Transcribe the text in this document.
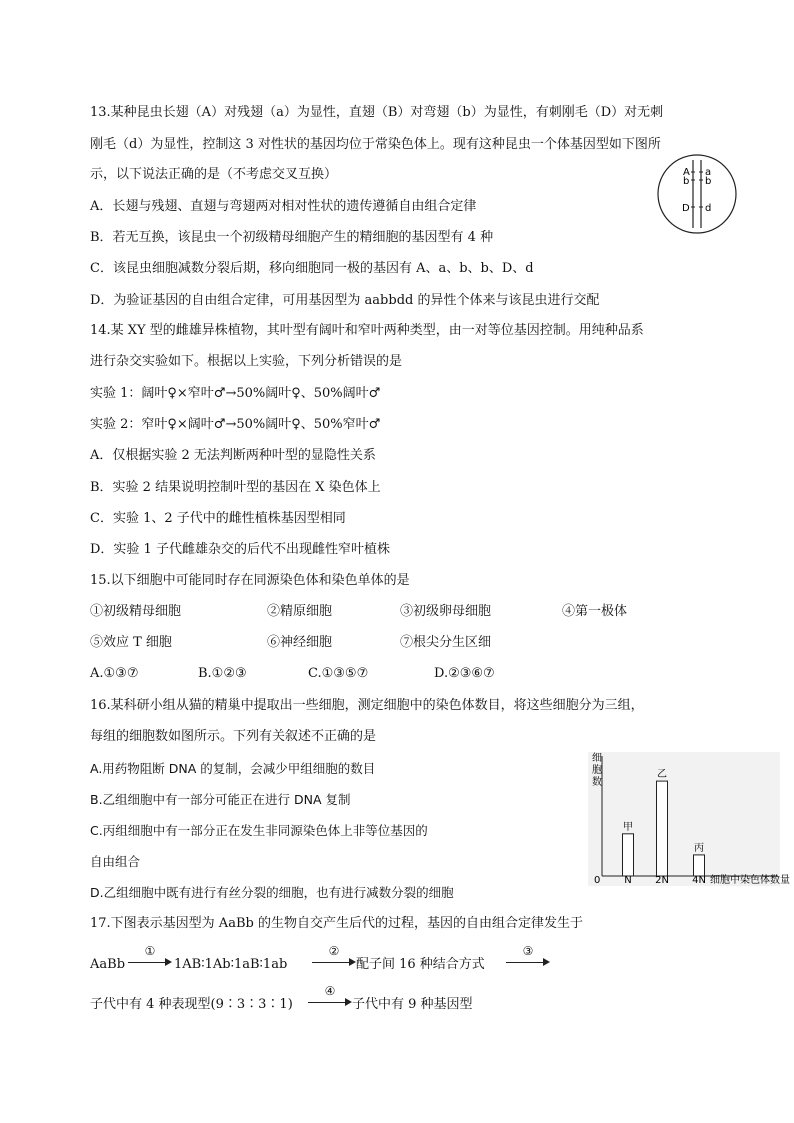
13.某种昆虫长翅（A）对残翅（a）为显性，直翅（B）对弯翅（b）为显性，有刺刚毛（D）对无刺
刚毛（d）为显性，控制这 3 对性状的基因均位于常染色体上。现有这种昆虫一个体基因型如下图所
示，以下说法正确的是（不考虑交叉互换）
A．长翅与残翅、直翅与弯翅两对相对性状的遗传遵循自由组合定律
B．若无互换，该昆虫一个初级精母细胞产生的精细胞的基因型有 4 种
C．该昆虫细胞减数分裂后期，移向细胞同一极的基因有 A、a、b、b、D、d
D．为验证基因的自由组合定律，可用基因型为 aabbdd 的异性个体来与该昆虫进行交配
A
b
a
b
D d
14.某 XY 型的雌雄异株植物，其叶型有阔叶和窄叶两种类型，由一对等位基因控制。用纯种品系
进行杂交实验如下。根据以上实验，下列分析错误的是
实验 1：阔叶♀×窄叶♂→50%阔叶♀、50%阔叶♂
实验 2：窄叶♀×阔叶♂→50%阔叶♀、50%窄叶♂
A．仅根据实验 2 无法判断两种叶型的显隐性关系
B．实验 2 结果说明控制叶型的基因在 X 染色体上
C．实验 1、2 子代中的雌性植株基因型相同
D．实验 1 子代雌雄杂交的后代不出现雌性窄叶植株
15.以下细胞中可能同时存在同源染色体和染色单体的是
①初级精母细胞	②精原细胞	③初级卵母细胞	④第一极体
⑤效应 T 细胞	⑥神经细胞	⑦根尖分生区细
A.①③⑦	B.①②③	C.①③⑤⑦	D.②③⑥⑦
16.某科研小组从猫的精巢中提取出一些细胞，测定细胞中的染色体数目，将这些细胞分为三组，
每组的细胞数如图所示。下列有关叙述不正确的是
A.用药物阻断 DNA 的复制，会减少甲组细胞的数目
B.乙组细胞中有一部分可能正在进行 DNA 复制
C.丙组细胞中有一部分正在发生非同源染色体上非等位基因的
自由组合
D.乙组细胞中既有进行有丝分裂的细胞，也有进行减数分裂的细胞
细
胞
数
0	细胞中染色体数量
甲
N
乙
2N
丙
4N
17.下图表示基因型为 AaBb 的生物自交产生后代的过程，基因的自由组合定律发生于
AaBb
①
1AB∶1Ab∶1aB∶1ab
②
配子间 16 种结合方式
③
子代中有 4 种表现型(9∶3∶3∶1)
④
子代中有 9 种基因型
